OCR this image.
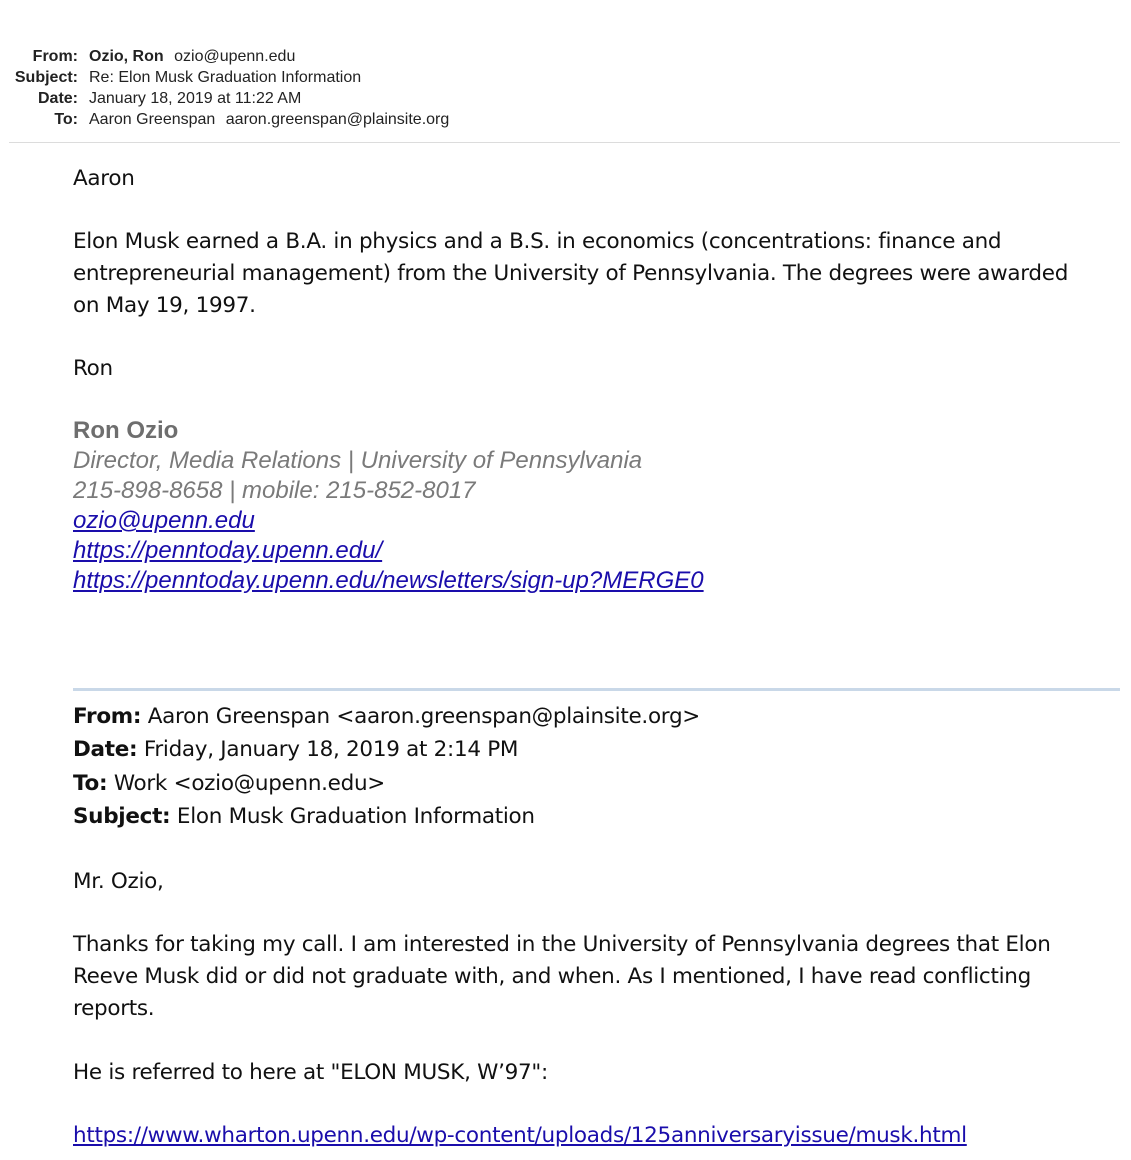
From: Ozio, Ron ozio@upenn.edu
Subject: Re: Elon Musk Graduation Information
Date: January 18, 2019 at 11:22 AM
To: Aaron Greenspan aaron.greenspan@plainsite.org
Aaron
Elon Musk earned a B.A. in physics and a B.S. in economics (concentrations: finance and
entrepreneurial management) from the University of Pennsylvania. The degrees were awarded
on May 19, 1997.
Ron
Ron Ozio
Director, Media Relations | University of Pennsylvania
215-898-8658 | mobile: 215-852-8017
ozio@upenn.edu
https://penntoday.upenn.edu/
https://penntoday.upenn.edu/newsletters/sign-up?MERGE0
From: Aaron Greenspan <aaron.greenspan@plainsite.org>
Date: Friday, January 18, 2019 at 2:14 PM
To: Work <ozio@upenn.edu>
Subject: Elon Musk Graduation Information
Mr. Ozio,
Thanks for taking my call. I am interested in the University of Pennsylvania degrees that Elon
Reeve Musk did or did not graduate with, and when. As I mentioned, I have read conflicting
reports.
He is referred to here at "ELON MUSK, W’97":
https://www.wharton.upenn.edu/wp-content/uploads/125anniversaryissue/musk.html
